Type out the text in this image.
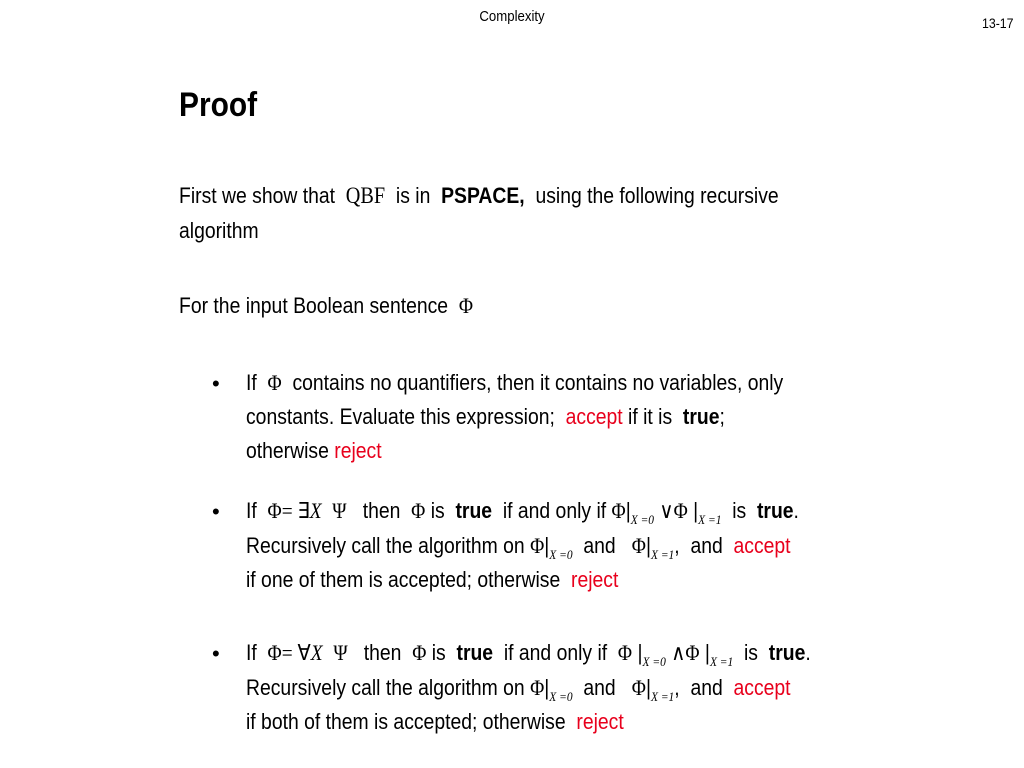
Complexity	13-17
Proof
First we show that QBF is in PSPACE, using the following recursive
algorithm
For the input Boolean sentence Φ
• If Φ contains no quantifiers, then it contains no variables, only
constants. Evaluate this expression; accept if it is true;
otherwise reject
• If Φ= ∃X Ψ then Φ is true if and only if $\Phi|_{X =0}$ ∨Φ $|_{X =1}$ is true.
Recursively call the algorithm on $\Phi|_{X =0}$ and $\Phi|_{X =1}$, and accept
if one of them is accepted; otherwise reject
• If Φ= ∀X Ψ then Φ is true if and only if Φ $|_{X =0}$ ∧Φ $|_{X =1}$ is true.
Recursively call the algorithm on $\Phi|_{X =0}$ and $\Phi|_{X =1}$, and accept
if both of them is accepted; otherwise reject
